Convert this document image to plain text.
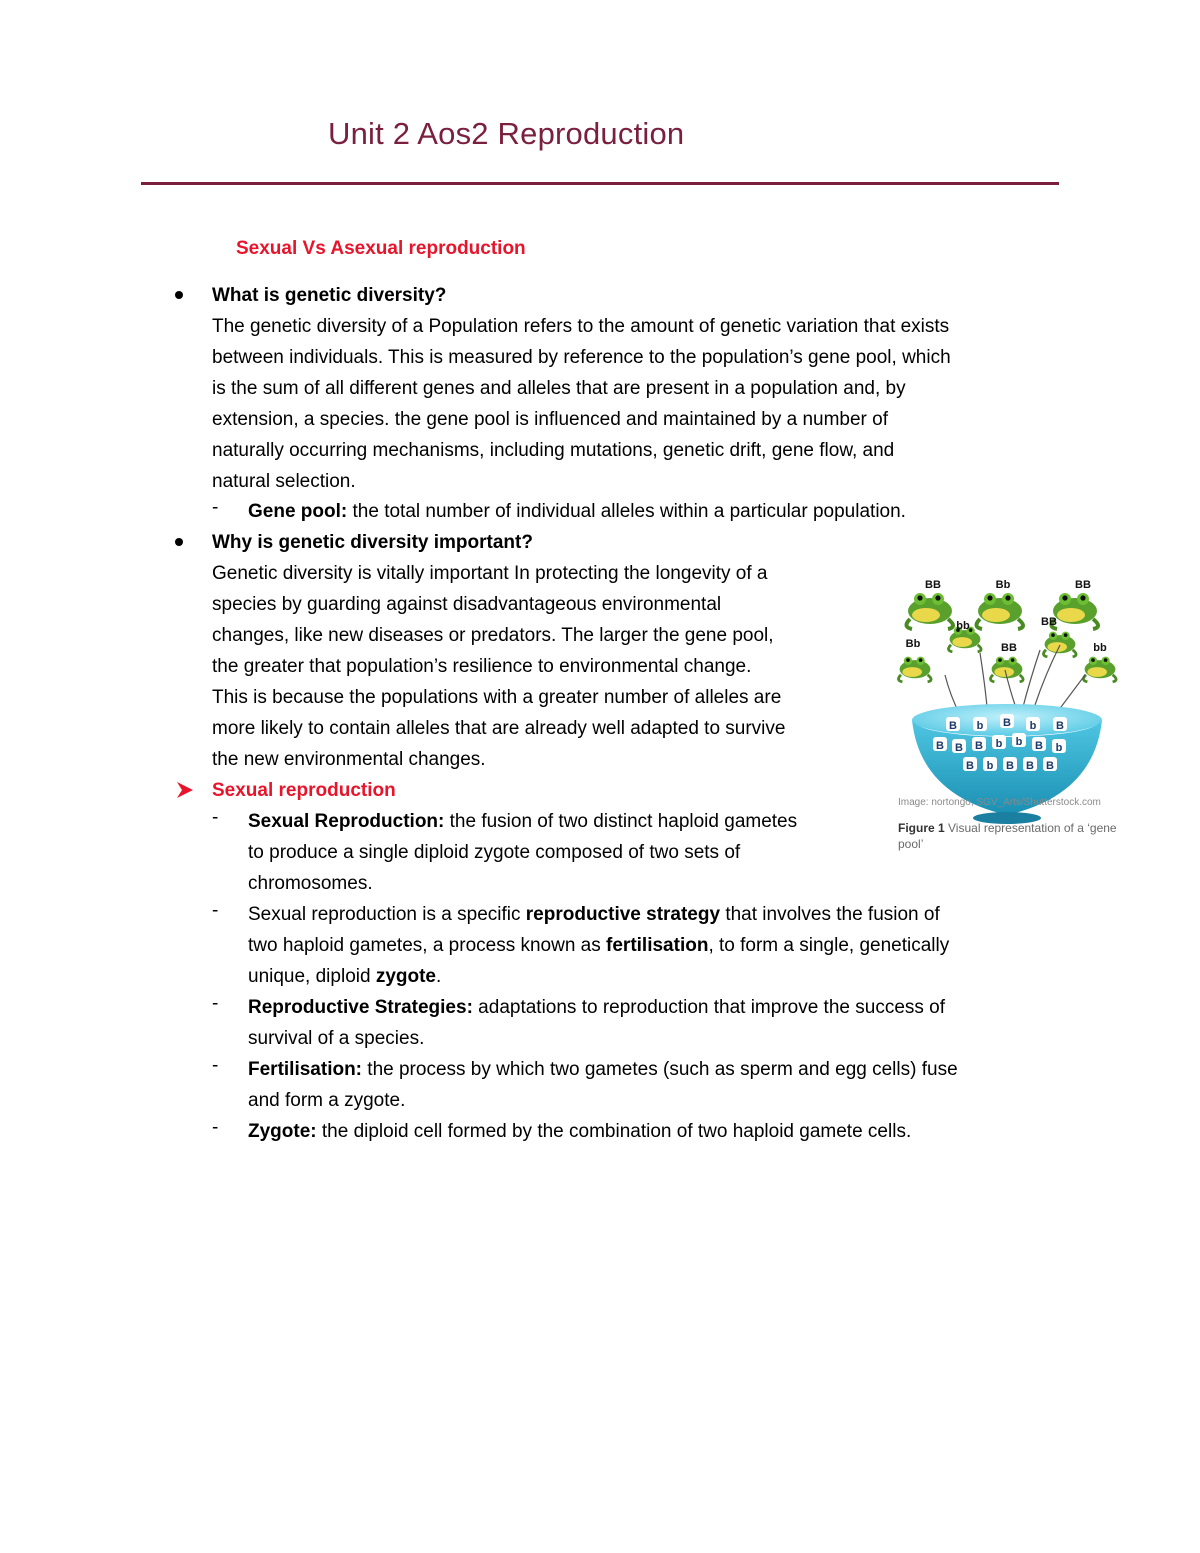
Unit 2 Aos2 Reproduction
Sexual Vs Asexual reproduction
What is genetic diversity?
The genetic diversity of a Population refers to the amount of genetic variation that exists
between individuals. This is measured by reference to the population’s gene pool, which
is the sum of all different genes and alleles that are present in a population and, by
extension, a species. the gene pool is influenced and maintained by a number of
naturally occurring mechanisms, including mutations, genetic drift, gene flow, and
natural selection.
- Gene pool: the total number of individual alleles within a particular population.
Why is genetic diversity important?
Genetic diversity is vitally important In protecting the longevity of a
species by guarding against disadvantageous environmental
changes, like new diseases or predators. The larger the gene pool,
the greater that population’s resilience to environmental change.
This is because the populations with a greater number of alleles are
more likely to contain alleles that are already well adapted to survive
the new environmental changes.
Sexual reproduction
- Sexual Reproduction: the fusion of two distinct haploid gametes
to produce a single diploid zygote composed of two sets of
chromosomes.
- Sexual reproduction is a specific reproductive strategy that involves the fusion of
two haploid gametes, a process known as fertilisation, to form a single, genetically
unique, diploid zygote.
- Reproductive Strategies: adaptations to reproduction that improve the success of
survival of a species.
- Fertilisation: the process by which two gametes (such as sperm and egg cells) fuse
and form a zygote.
- Zygote: the diploid cell formed by the combination of two haploid gamete cells.
BB	Bb	BB
Bb
bb
BB
BB
bb
B b B b B
B B B b b B b
B b B B B
Image: nortongo, SGV_Arts/Shutterstock.com
Figure 1 Visual representation of a ‘gene pool’
